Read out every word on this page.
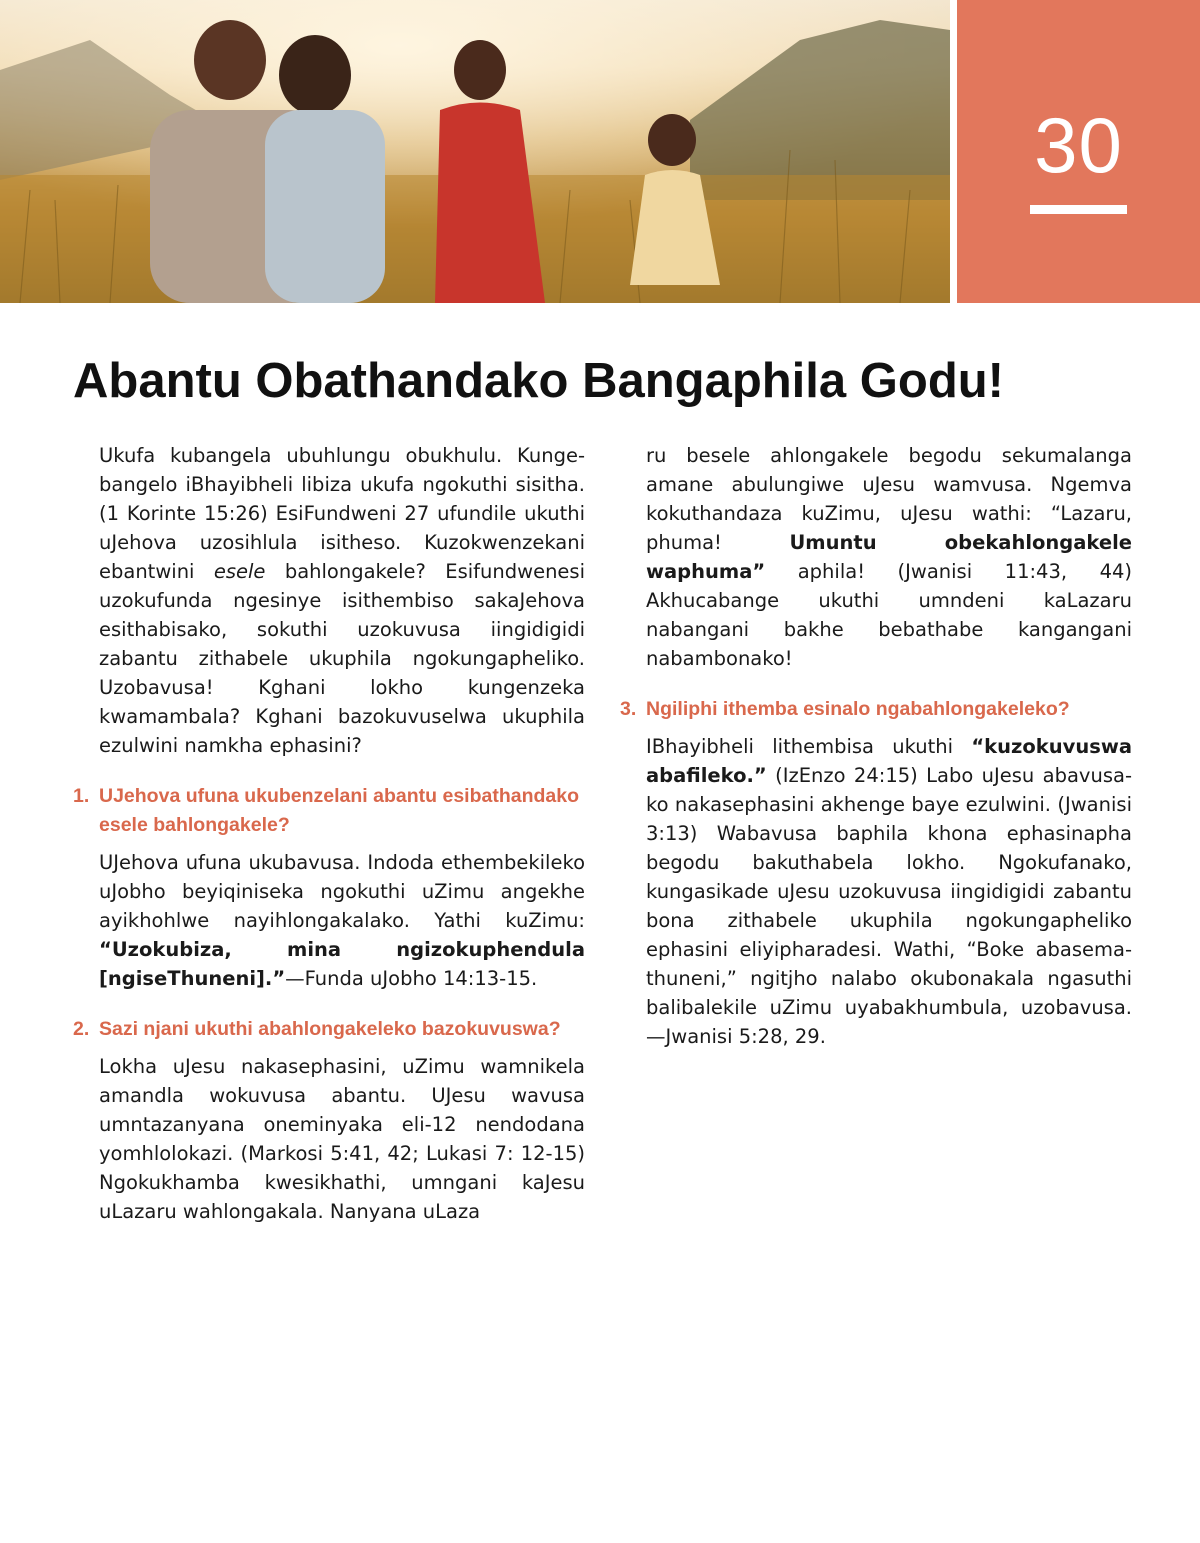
30
Abantu Obathandako Bangaphila Godu!

Ukufa kubangela ubuhlungu obukhulu. Kungebangelo iBhayibheli libiza ukufa ngokuthi sisitha. (1 Korinte 15:26) EsiFundweni 27 ufundile ukuthi uJehova uzosihlula isitheso. Kuzokwenzekani ebantwini esele bahlongakele? Esifundwenesi uzokufunda ngesinye isithembiso sakaJehova esithabisako, sokuthi uzokuvusa iingidigidi zabantu zithabele ukuphila ngokungapheliko. Uzobavusa! Kghani lokho kungenzeka kwamambala? Kghani bazokuvuselwa ukuphila ezulwini namkha ephasini?

1. UJehova ufuna ukubenzelani abantu esibathandako esele bahlongakele?

UJehova ufuna ukubavusa. Indoda ethembekileko uJobho beyiqiniseka ngokuthi uZimu angekhe ayikhohlwe nayihlongakalako. Yathi kuZimu: “Uzokubiza, mina ngizokuphendula [ngiseThuneni].”—Funda uJobho 14:13-15.

2. Sazi njani ukuthi abahlongakeleko bazokuvuswa?

Lokha uJesu nakasephasini, uZimu wamnikela amandla wokuvusa abantu. UJesu wavusa umntazanyana oneminyaka eli-12 nendodana yomhlolokazi. (Markosi 5:41, 42; Lukasi 7: 12-15) Ngokukhamba kwesikhathi, umngani kaJesu uLazaru wahlongakala. Nanyana uLaza

ru besele ahlongakele begodu sekumalanga amane abulungiwe uJesu wamvusa. Ngemva kokuthandaza kuZimu, uJesu wathi: “Lazaru, phuma! Umuntu obekahlongakele waphuma” aphila! (Jwanisi 11:43, 44) Akhucabange ukuthi umndeni kaLazaru nabangani bakhe bebathabe kangangani nabambonako!

3. Ngiliphi ithemba esinalo ngabahlongakeleko?

IBhayibheli lithembisa ukuthi “kuzokuvuswa abafileko.” (IzEnzo 24:15) Labo uJesu abavusako nakasephasini akhenge baye ezulwini. (Jwanisi 3:13) Wabavusa baphila khona ephasinapha begodu bakuthabela lokho. Ngokufanako, kungasikade uJesu uzokuvusa iingidigidi zabantu bona zithabele ukuphila ngokungapheliko ephasini eliyipharadesi. Wathi, “Boke abasemathuneni,” ngitjho nalabo okubonakala ngasuthi balibalekile uZimu uyabakhumbula, uzobavusa. —Jwanisi 5:28, 29.
